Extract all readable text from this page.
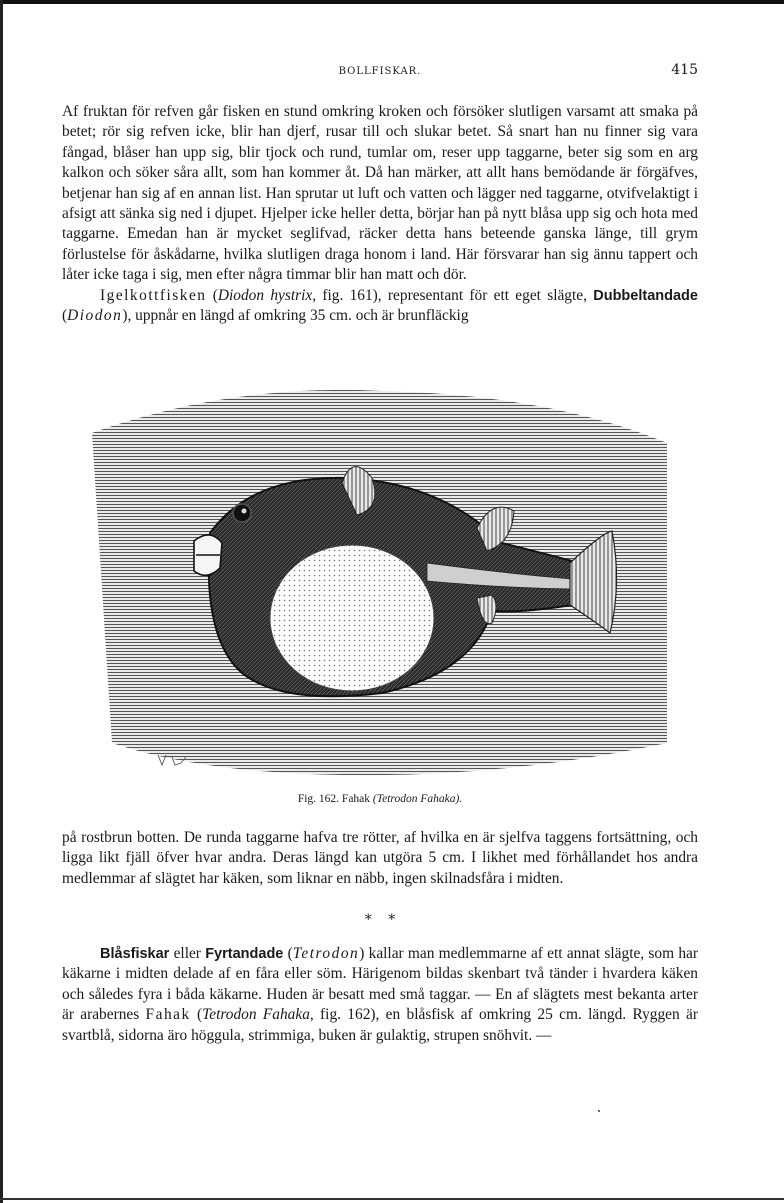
BOLLFISKAR.	415

Af fruktan för refven går fisken en stund omkring kroken och försöker slutligen varsamt att smaka på betet; rör sig refven icke, blir han djerf, rusar till och slukar betet. Så snart han nu finner sig vara fångad, blåser han upp sig, blir tjock och rund, tumlar om, reser upp taggarne, beter sig som en arg kalkon och söker såra allt, som han kommer åt. Då han märker, att allt hans bemödande är förgäfves, betjenar han sig af en annan list. Han sprutar ut luft och vatten och lägger ned taggarne, otvifvelaktigt i afsigt att sänka sig ned i djupet. Hjelper icke heller detta, börjar han på nytt blåsa upp sig och hota med taggarne. Emedan han är mycket seglifvad, räcker detta hans beteende ganska länge, till grym förlustelse för åskådarne, hvilka slutligen draga honom i land. Här försvarar han sig ännu tappert och låter icke taga i sig, men efter några timmar blir han matt och dör.

Igelkottfisken (Diodon hystrix, fig. 161), representant för ett eget slägte, Dubbeltandade (Diodon), uppnår en längd af omkring 35 cm. och är brunfläckig

Fig. 162. Fahak (Tetrodon Fahaka).

på rostbrun botten. De runda taggarne hafva tre rötter, af hvilka en är sjelfva taggens fortsättning, och ligga likt fjäll öfver hvar andra. Deras längd kan utgöra 5 cm. I likhet med förhållandet hos andra medlemmar af slägtet har käken, som liknar en näbb, ingen skilnadsfåra i midten.

* *

Blåsfiskar eller Fyrtandade (Tetrodon) kallar man medlemmarne af ett annat slägte, som har käkarne i midten delade af en fåra eller söm. Härigenom bildas skenbart två tänder i hvardera käken och således fyra i båda käkarne. Huden är besatt med små taggar. — En af slägtets mest bekanta arter är arabernes Fahak (Tetrodon Fahaka, fig. 162), en blåsfisk af omkring 25 cm. längd. Ryggen är svartblå, sidorna äro höggula, strimmiga, buken är gulaktig, strupen snöhvit. —
